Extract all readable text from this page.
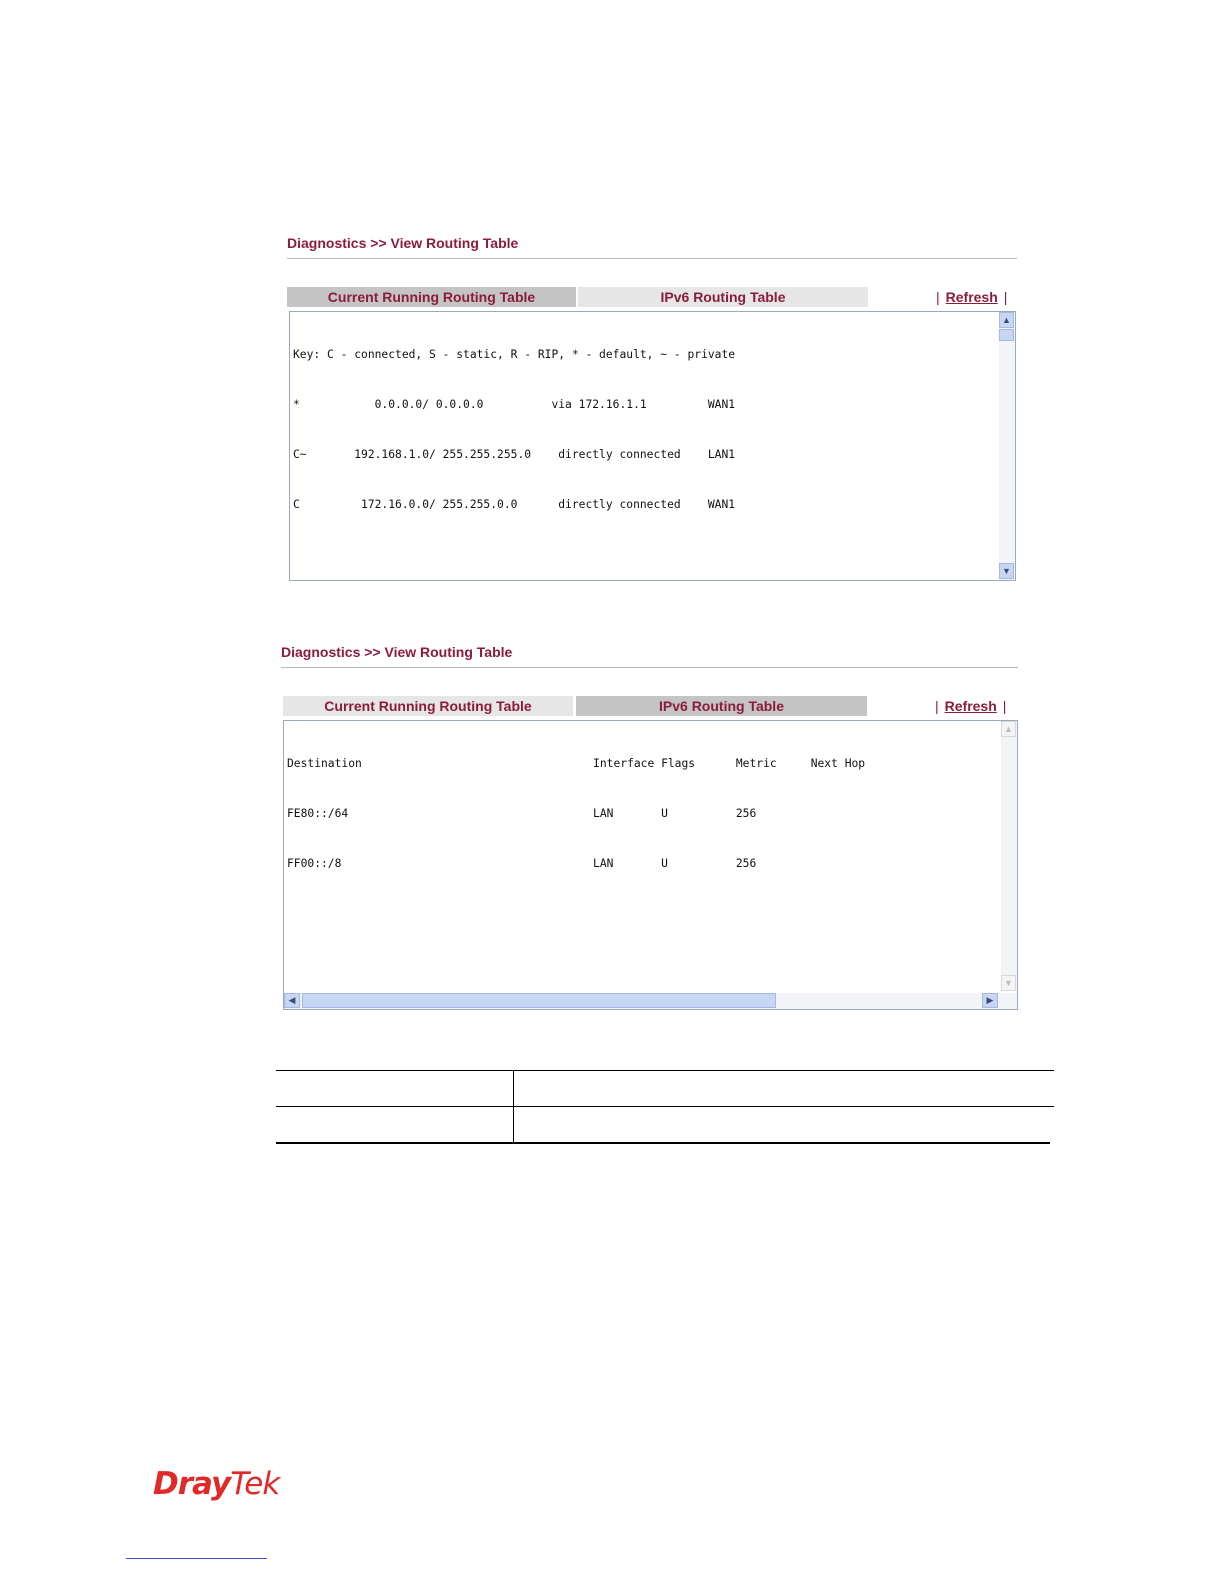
Diagnostics >> View Routing Table
Current Running Routing Table	IPv6 Routing Table	| Refresh |

Key: C - connected, S - static, R - RIP, * - default, ~ - private

*           0.0.0.0/ 0.0.0.0          via 172.16.1.1         WAN1

C~       192.168.1.0/ 255.255.255.0    directly connected    LAN1

C         172.16.0.0/ 255.255.0.0      directly connected    WAN1

▲
▼
Diagnostics >> View Routing Table
Current Running Routing Table	IPv6 Routing Table	| Refresh |

Destination                                  Interface Flags      Metric     Next Hop

FE80::/64                                    LAN       U          256

FF00::/8                                     LAN       U          256

▲
▼
◀	▶
DrayTek
